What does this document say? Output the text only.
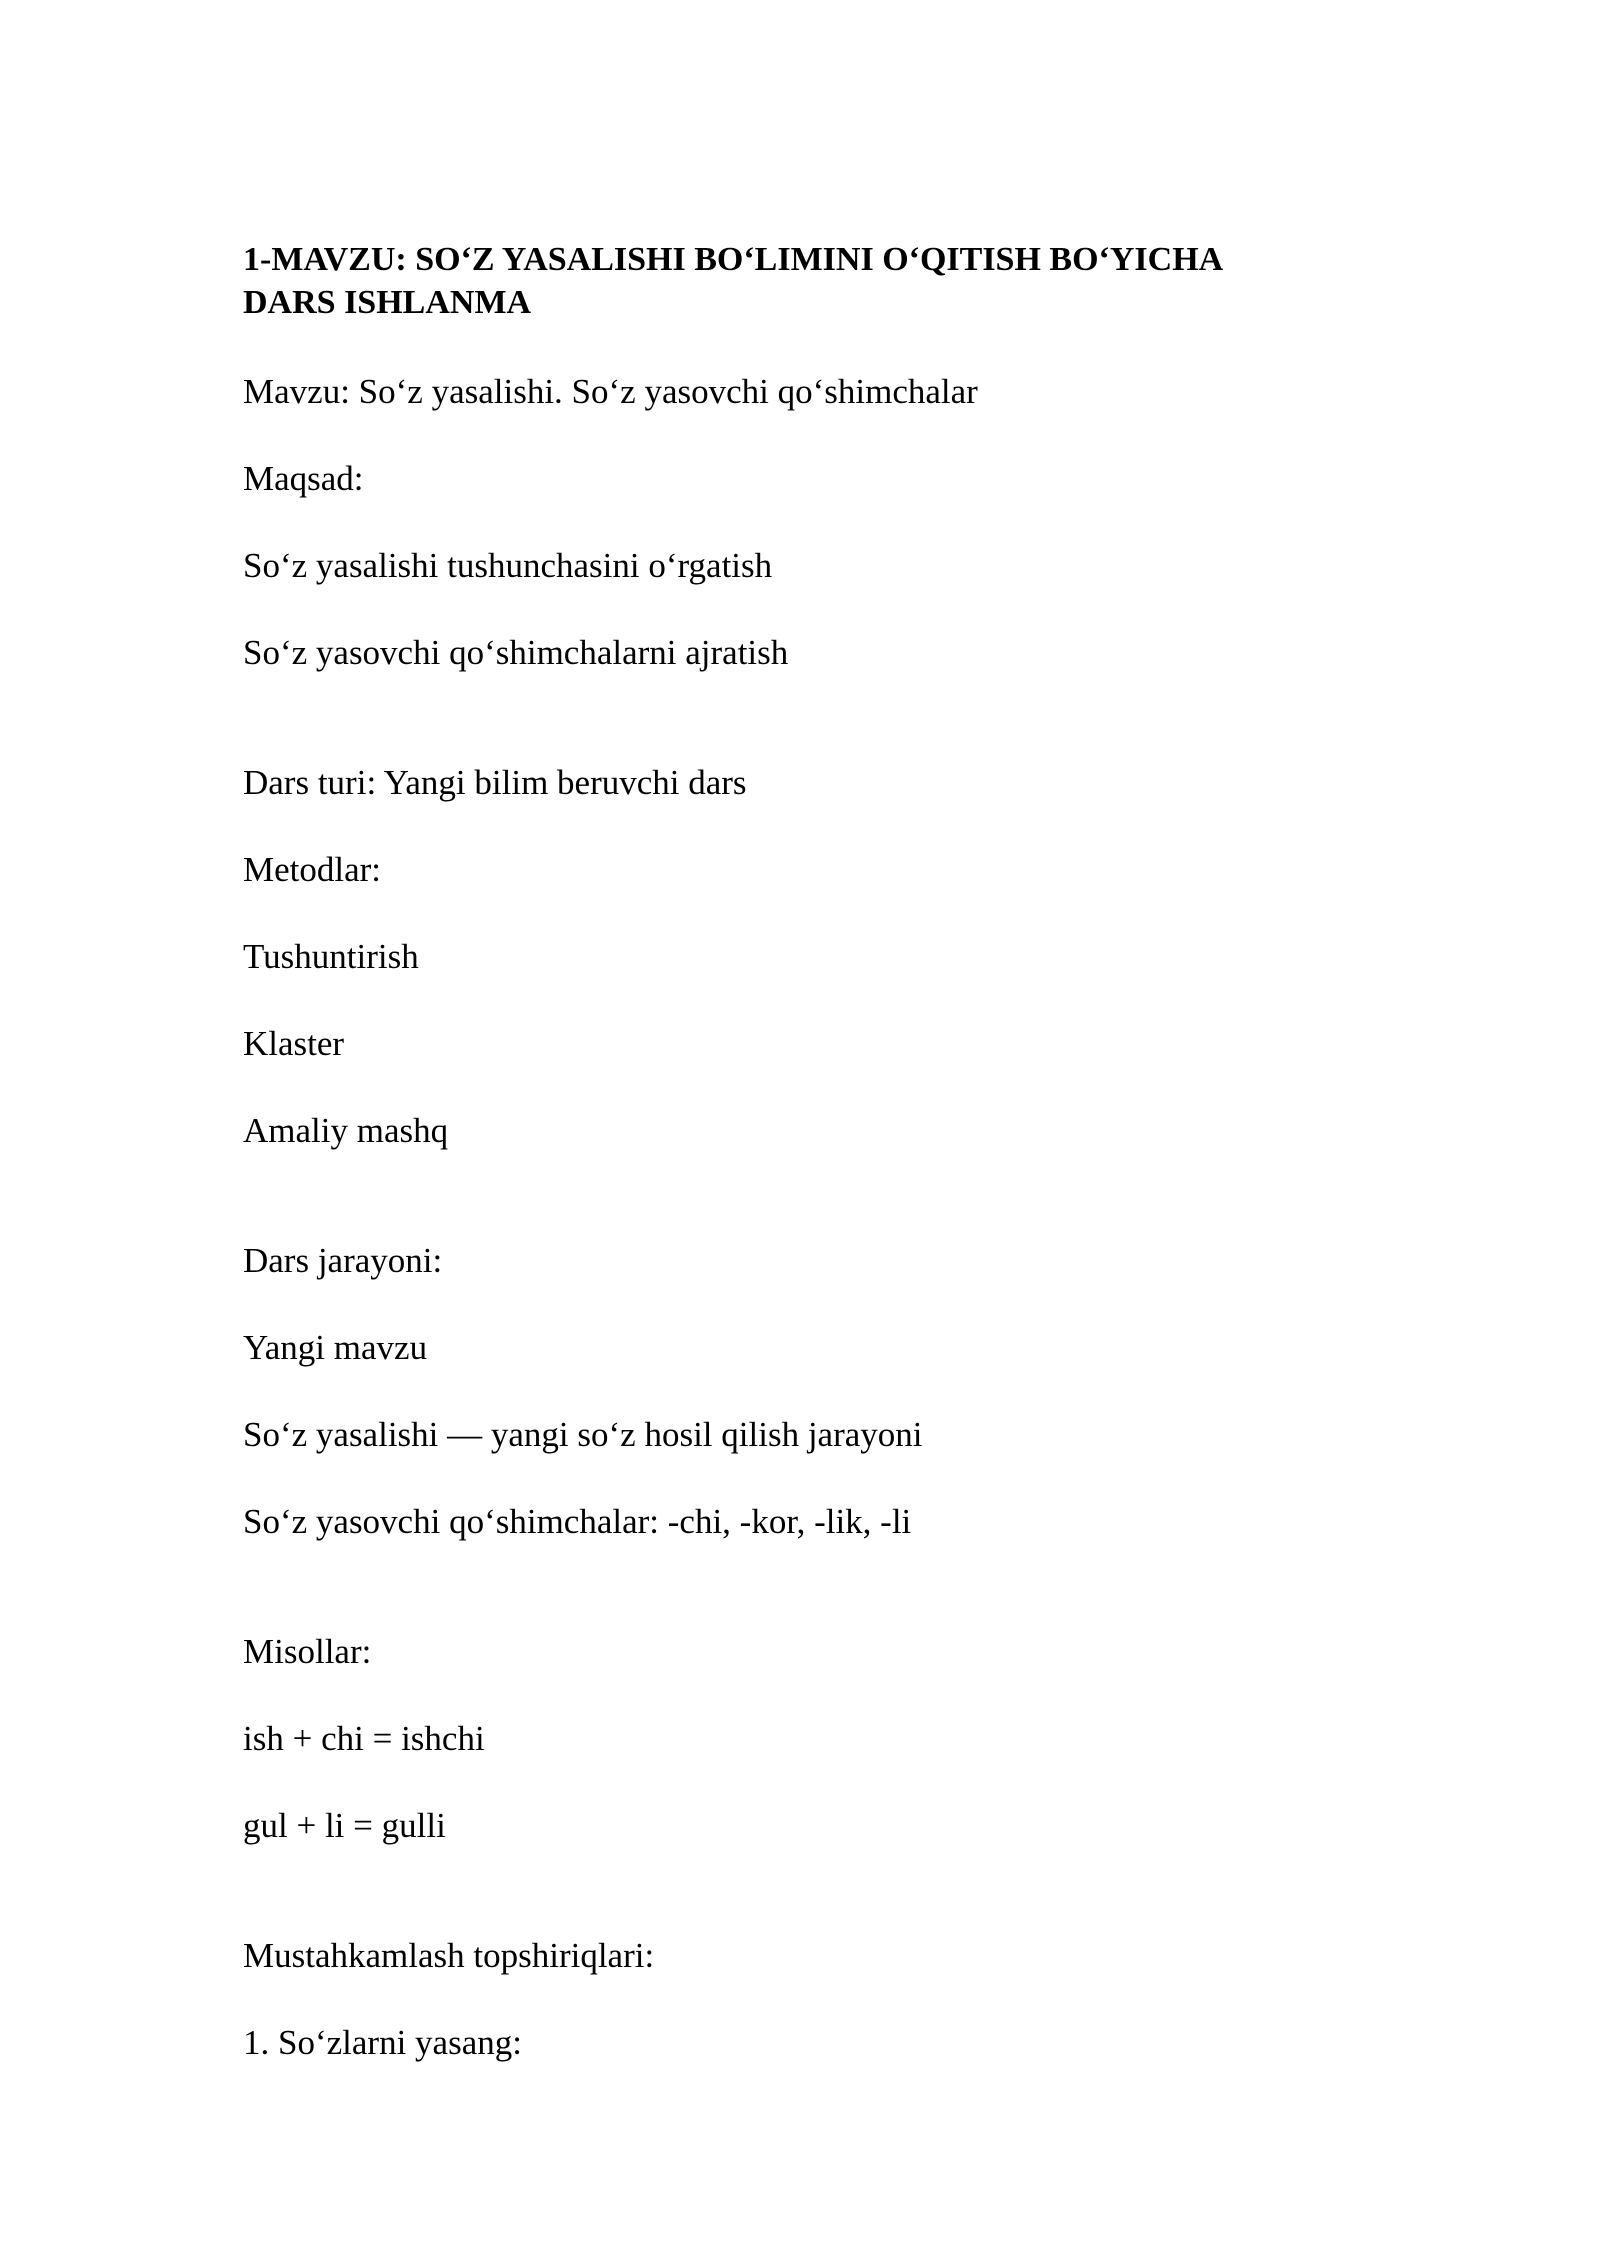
1-MAVZU: SO‘Z YASALISHI BO‘LIMINI O‘QITISH BO‘YICHA
DARS ISHLANMA

Mavzu: So‘z yasalishi. So‘z yasovchi qo‘shimchalar

Maqsad:

So‘z yasalishi tushunchasini o‘rgatish

So‘z yasovchi qo‘shimchalarni ajratish

Dars turi: Yangi bilim beruvchi dars

Metodlar:

Tushuntirish

Klaster

Amaliy mashq

Dars jarayoni:

Yangi mavzu

So‘z yasalishi — yangi so‘z hosil qilish jarayoni

So‘z yasovchi qo‘shimchalar: -chi, -kor, -lik, -li

Misollar:

ish + chi = ishchi

gul + li = gulli

Mustahkamlash topshiriqlari:

1. So‘zlarni yasang:
